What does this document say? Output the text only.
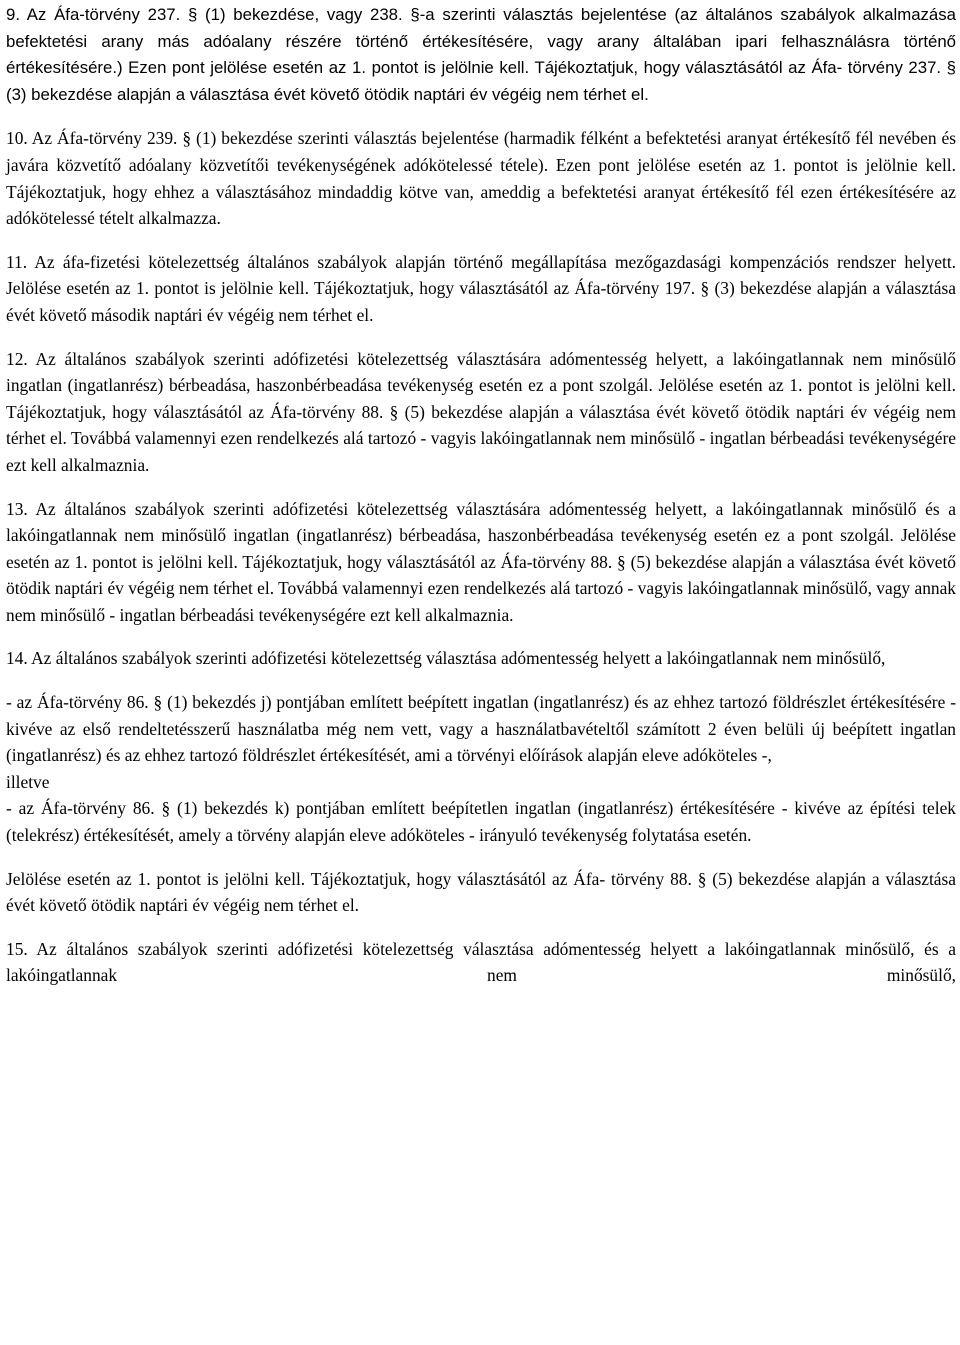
9. Az Áfa-törvény 237. § (1) bekezdése, vagy 238. §-a szerinti választás bejelentése (az általános szabályok alkalmazása befektetési arany más adóalany részére történő értékesítésére, vagy arany általában ipari felhasználásra történő értékesítésére.) Ezen pont jelölése esetén az 1. pontot is jelölnie kell. Tájékoztatjuk, hogy választásától az Áfa- törvény 237. § (3) bekezdése alapján a választása évét követő ötödik naptári év végéig nem térhet el.

10. Az Áfa-törvény 239. § (1) bekezdése szerinti választás bejelentése (harmadik félként a befektetési aranyat értékesítő fél nevében és javára közvetítő adóalany közvetítői tevékenységének adókötelessé tétele). Ezen pont jelölése esetén az 1. pontot is jelölnie kell. Tájékoztatjuk, hogy ehhez a választásához mindaddig kötve van, ameddig a befektetési aranyat értékesítő fél ezen értékesítésére az adókötelessé tételt alkalmazza.

11. Az áfa-fizetési kötelezettség általános szabályok alapján történő megállapítása mezőgazdasági kompenzációs rendszer helyett. Jelölése esetén az 1. pontot is jelölnie kell. Tájékoztatjuk, hogy választásától az Áfa-törvény 197. § (3) bekezdése alapján a választása évét követő második naptári év végéig nem térhet el.

12. Az általános szabályok szerinti adófizetési kötelezettség választására adómentesség helyett, a lakóingatlannak nem minősülő ingatlan (ingatlanrész) bérbeadása, haszonbérbeadása tevékenység esetén ez a pont szolgál. Jelölése esetén az 1. pontot is jelölni kell. Tájékoztatjuk, hogy választásától az Áfa-törvény 88. § (5) bekezdése alapján a választása évét követő ötödik naptári év végéig nem térhet el. Továbbá valamennyi ezen rendelkezés alá tartozó - vagyis lakóingatlannak nem minősülő - ingatlan bérbeadási tevékenységére ezt kell alkalmaznia.

13. Az általános szabályok szerinti adófizetési kötelezettség választására adómentesség helyett, a lakóingatlannak minősülő és a lakóingatlannak nem minősülő ingatlan (ingatlanrész) bérbeadása, haszonbérbeadása tevékenység esetén ez a pont szolgál. Jelölése esetén az 1. pontot is jelölni kell. Tájékoztatjuk, hogy választásától az Áfa-törvény 88. § (5) bekezdése alapján a választása évét követő ötödik naptári év végéig nem térhet el. Továbbá valamennyi ezen rendelkezés alá tartozó - vagyis lakóingatlannak minősülő, vagy annak nem minősülő - ingatlan bérbeadási tevékenységére ezt kell alkalmaznia.

14. Az általános szabályok szerinti adófizetési kötelezettség választása adómentesség helyett a lakóingatlannak nem minősülő,

- az Áfa-törvény 86. § (1) bekezdés j) pontjában említett beépített ingatlan (ingatlanrész) és az ehhez tartozó földrészlet értékesítésére - kivéve az első rendeltetésszerű használatba még nem vett, vagy a használatbavételtől számított 2 éven belüli új beépített ingatlan (ingatlanrész) és az ehhez tartozó földrészlet értékesítését, ami a törvényi előírások alapján eleve adóköteles -,

illetve

- az Áfa-törvény 86. § (1) bekezdés k) pontjában említett beépítetlen ingatlan (ingatlanrész) értékesítésére - kivéve az építési telek (telekrész) értékesítését, amely a törvény alapján eleve adóköteles - irányuló tevékenység folytatása esetén.

Jelölése esetén az 1. pontot is jelölni kell. Tájékoztatjuk, hogy választásától az Áfa- törvény 88. § (5) bekezdése alapján a választása évét követő ötödik naptári év végéig nem térhet el.

15. Az általános szabályok szerinti adófizetési kötelezettség választása adómentesség helyett a lakóingatlannak minősülő, és a lakóingatlannak nem minősülő,
